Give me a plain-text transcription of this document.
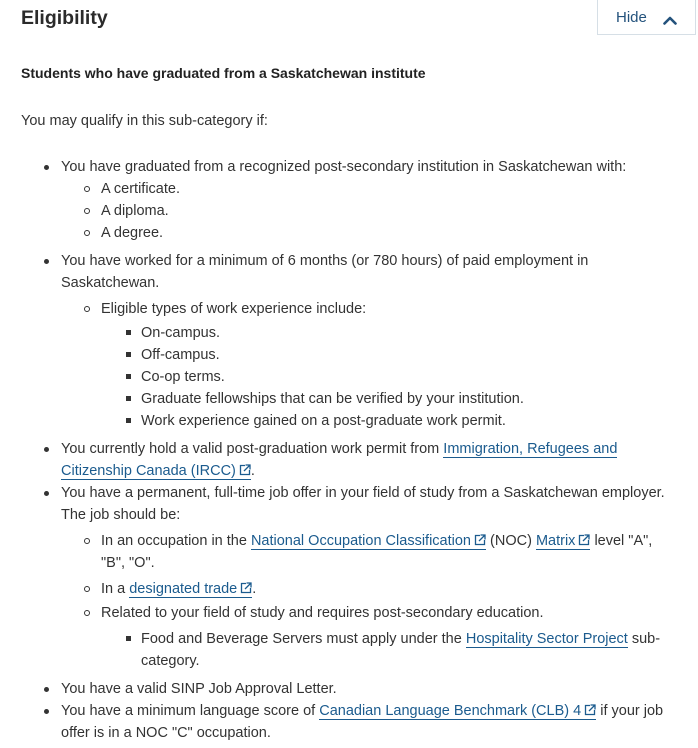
Eligibility	Hide
Students who have graduated from a Saskatchewan institute

You may qualify in this sub-category if:

You have graduated from a recognized post-secondary institution in Saskatchewan with:
A certificate.
A diploma.
A degree.
You have worked for a minimum of 6 months (or 780 hours) of paid employment in Saskatchewan.
Eligible types of work experience include:
On-campus.
Off-campus.
Co-op terms.
Graduate fellowships that can be verified by your institution.
Work experience gained on a post-graduate work permit.
You currently hold a valid post-graduation work permit from Immigration, Refugees and Citizenship Canada (IRCC) .
You have a permanent, full-time job offer in your field of study from a Saskatchewan employer. The job should be:
In an occupation in the National Occupation Classification (NOC) Matrix level "A", "B", "O".
In a designated trade .
Related to your field of study and requires post-secondary education.
Food and Beverage Servers must apply under the Hospitality Sector Project sub-category.
You have a valid SINP Job Approval Letter.
You have a minimum language score of Canadian Language Benchmark (CLB) 4 if your job offer is in a NOC "C" occupation.
